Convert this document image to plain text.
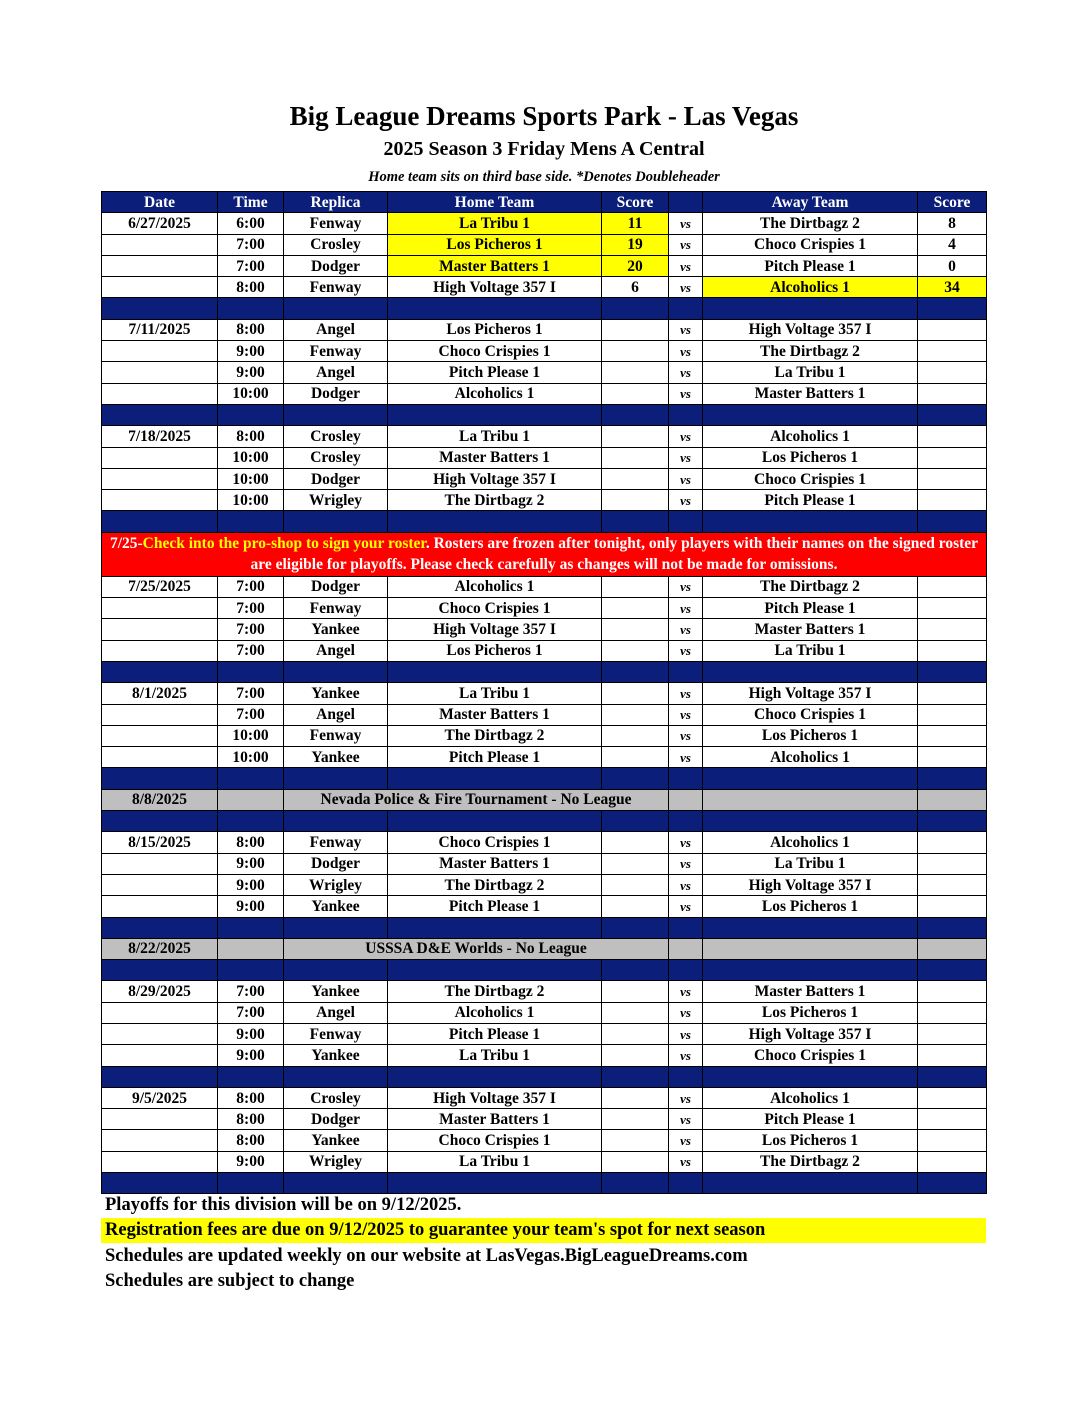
Big League Dreams Sports Park - Las Vegas
2025 Season 3 Friday Mens A Central
Home team sits on third base side. *Denotes Doubleheader
Date	Time	Replica	Home Team	Score		Away Team	Score
6/27/2025	6:00	Fenway	La Tribu 1	11	vs	The Dirtbagz 2	8
	7:00	Crosley	Los Picheros 1	19	vs	Choco Crispies 1	4
	7:00	Dodger	Master Batters 1	20	vs	Pitch Please 1	0
	8:00	Fenway	High Voltage 357 I	6	vs	Alcoholics 1	34

7/11/2025	8:00	Angel	Los Picheros 1		vs	High Voltage 357 I	
	9:00	Fenway	Choco Crispies 1		vs	The Dirtbagz 2	
	9:00	Angel	Pitch Please 1		vs	La Tribu 1	
	10:00	Dodger	Alcoholics 1		vs	Master Batters 1	

7/18/2025	8:00	Crosley	La Tribu 1		vs	Alcoholics 1	
	10:00	Crosley	Master Batters 1		vs	Los Picheros 1	
	10:00	Dodger	High Voltage 357 I		vs	Choco Crispies 1	
	10:00	Wrigley	The Dirtbagz 2		vs	Pitch Please 1	

7/25-Check into the pro-shop to sign your roster. Rosters are frozen after tonight, only players with their names on the signed roster are eligible for playoffs. Please check carefully as changes will not be made for omissions.							
7/25/2025	7:00	Dodger	Alcoholics 1		vs	The Dirtbagz 2	
	7:00	Fenway	Choco Crispies 1		vs	Pitch Please 1	
	7:00	Yankee	High Voltage 357 I		vs	Master Batters 1	
	7:00	Angel	Los Picheros 1		vs	La Tribu 1	

8/1/2025	7:00	Yankee	La Tribu 1		vs	High Voltage 357 I	
	7:00	Angel	Master Batters 1		vs	Choco Crispies 1	
	10:00	Fenway	The Dirtbagz 2		vs	Los Picheros 1	
	10:00	Yankee	Pitch Please 1		vs	Alcoholics 1	

8/8/2025		Nevada Police & Fire Tournament - No League					

8/15/2025	8:00	Fenway	Choco Crispies 1		vs	Alcoholics 1	
	9:00	Dodger	Master Batters 1		vs	La Tribu 1	
	9:00	Wrigley	The Dirtbagz 2		vs	High Voltage 357 I	
	9:00	Yankee	Pitch Please 1		vs	Los Picheros 1	

8/22/2025		USSSA D&E Worlds - No League					

8/29/2025	7:00	Yankee	The Dirtbagz 2		vs	Master Batters 1	
	7:00	Angel	Alcoholics 1		vs	Los Picheros 1	
	9:00	Fenway	Pitch Please 1		vs	High Voltage 357 I	
	9:00	Yankee	La Tribu 1		vs	Choco Crispies 1	

9/5/2025	8:00	Crosley	High Voltage 357 I		vs	Alcoholics 1	
	8:00	Dodger	Master Batters 1		vs	Pitch Please 1	
	8:00	Yankee	Choco Crispies 1		vs	Los Picheros 1	
	9:00	Wrigley	La Tribu 1		vs	The Dirtbagz 2	

Playoffs for this division will be on 9/12/2025.
Registration fees are due on 9/12/2025 to guarantee your team's spot for next season
Schedules are updated weekly on our website at LasVegas.BigLeagueDreams.com
Schedules are subject to change
